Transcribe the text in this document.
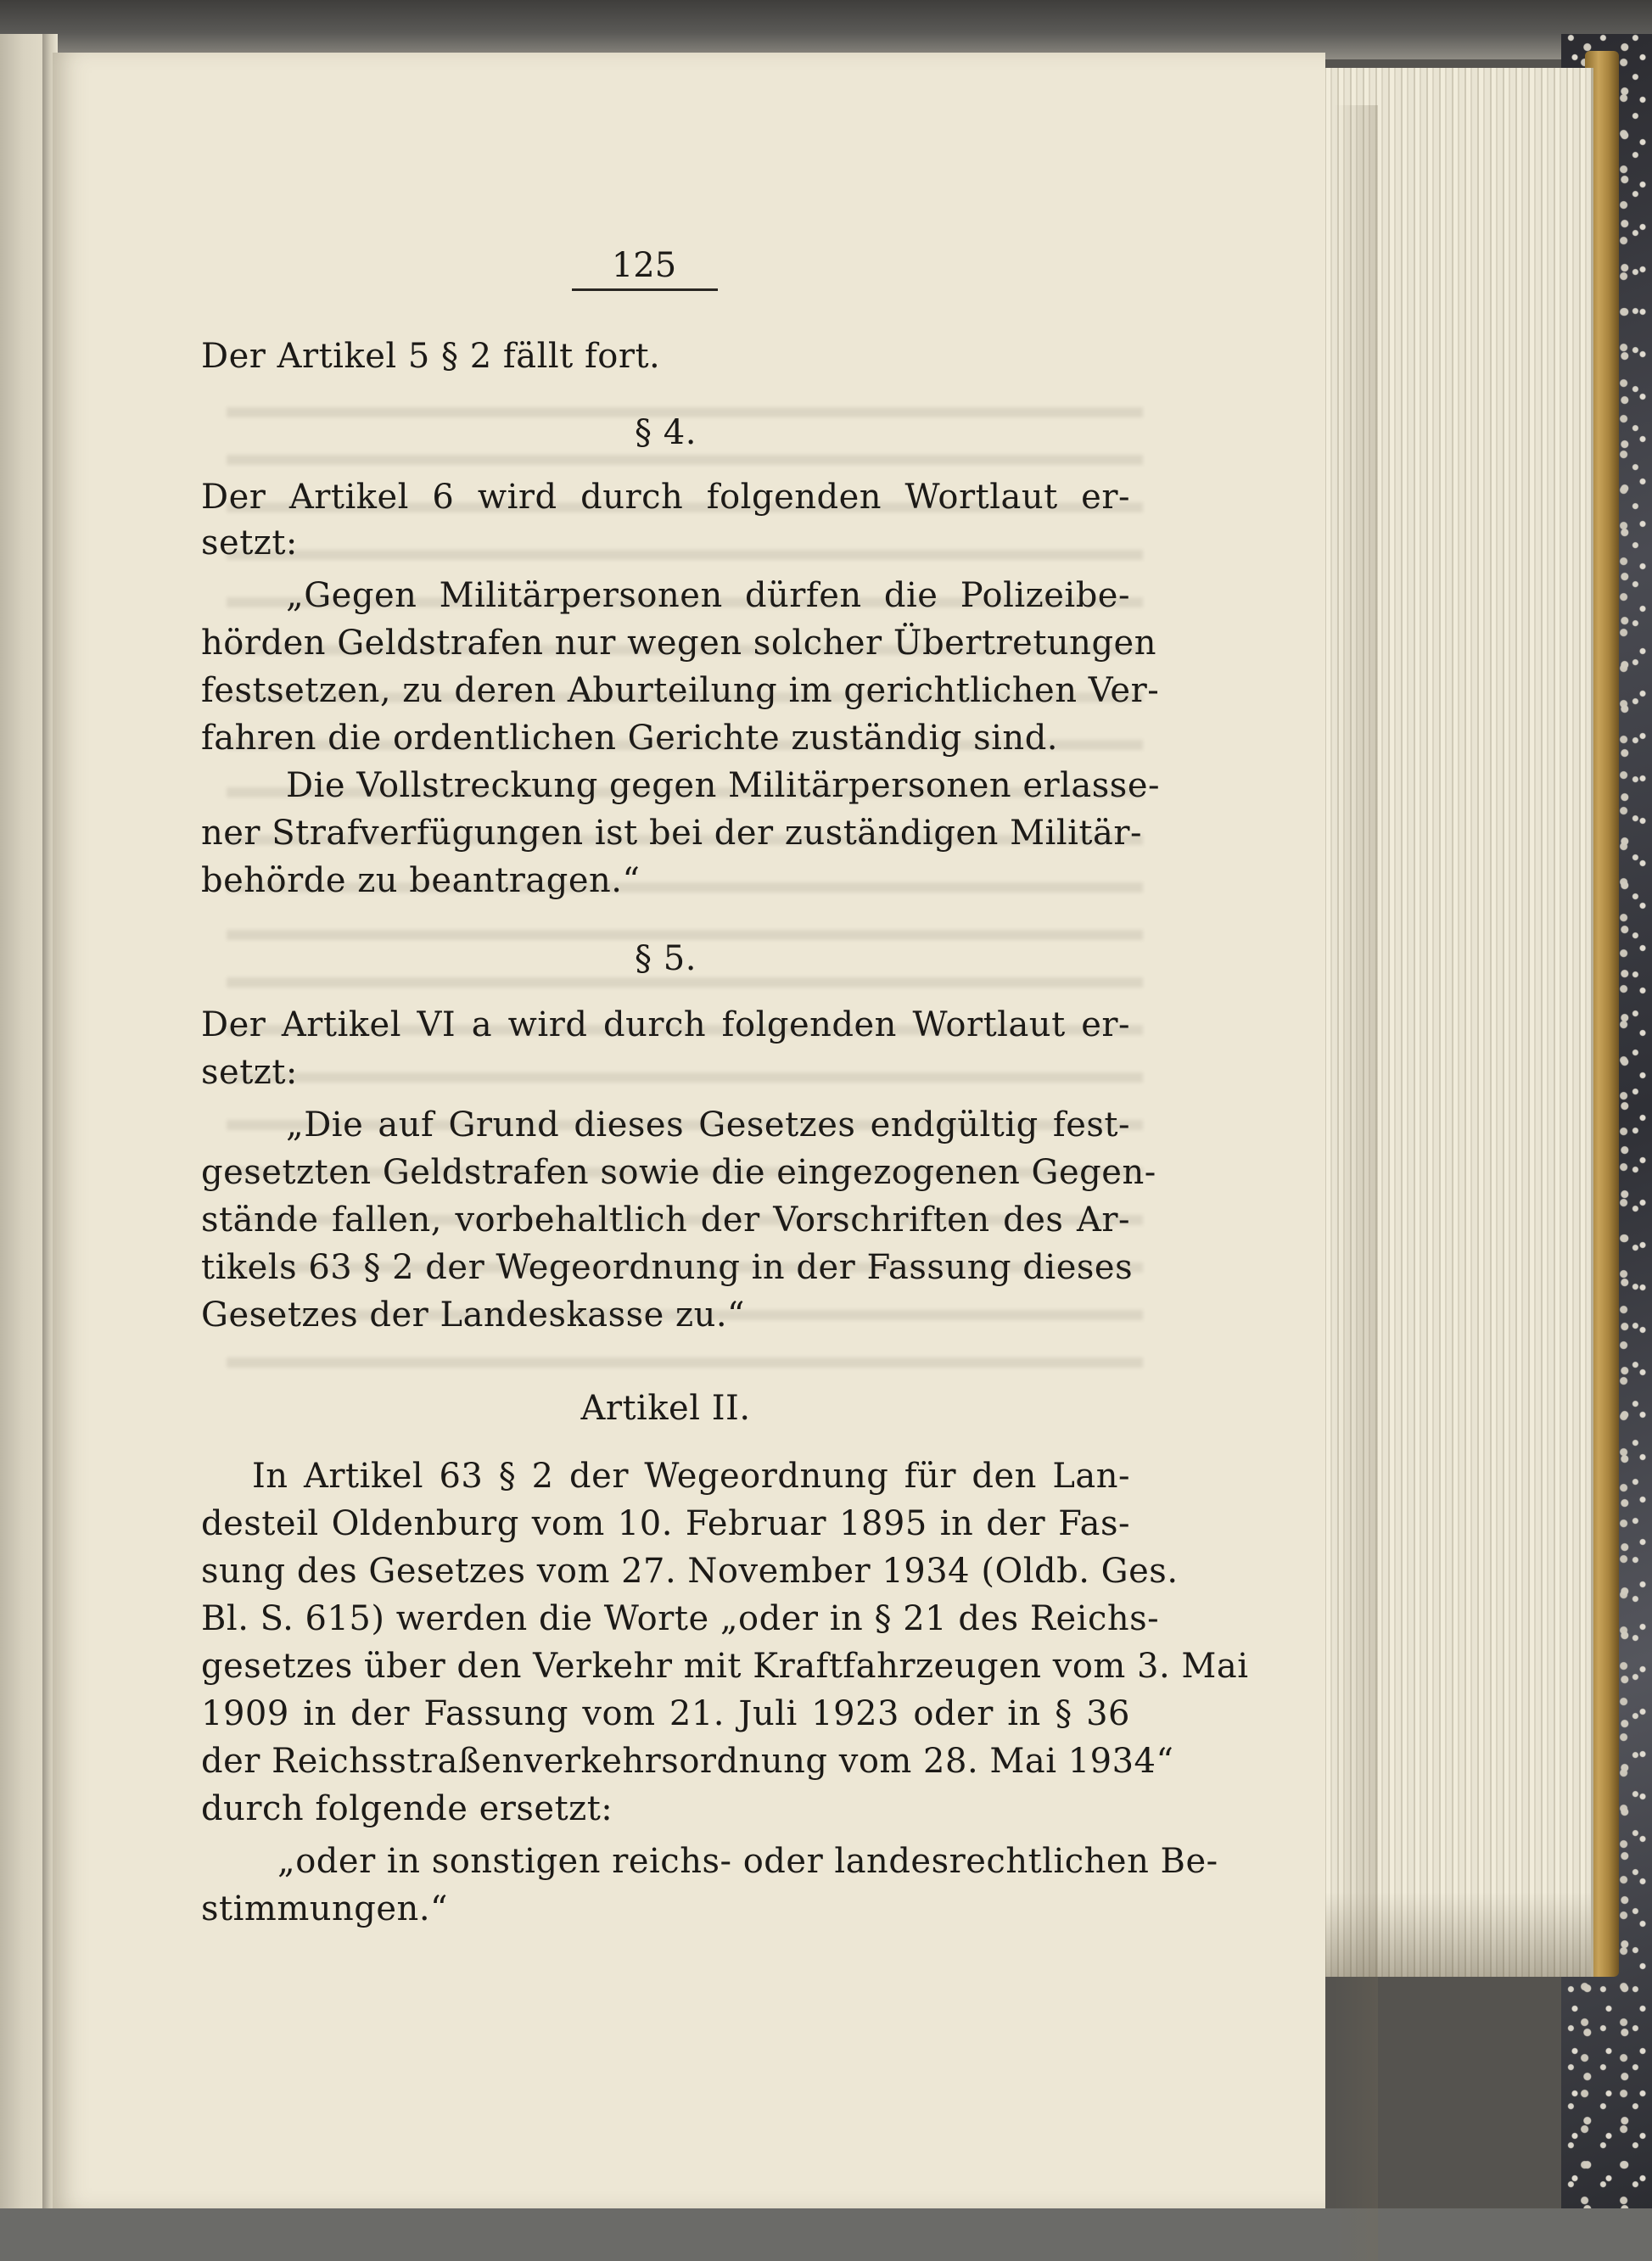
125
Der Artikel 5 § 2 fällt fort.
§ 4.
Der Artikel 6 wird durch folgenden Wortlaut er-
setzt:
„Gegen Militärpersonen dürfen die Polizeibe-
hörden Geldstrafen nur wegen solcher Übertretungen
festsetzen, zu deren Aburteilung im gerichtlichen Ver-
fahren die ordentlichen Gerichte zuständig sind.
Die Vollstreckung gegen Militärpersonen erlasse-
ner Strafverfügungen ist bei der zuständigen Militär-
behörde zu beantragen.“
§ 5.
Der Artikel VI a wird durch folgenden Wortlaut er-
setzt:
„Die auf Grund dieses Gesetzes endgültig fest-
gesetzten Geldstrafen sowie die eingezogenen Gegen-
stände fallen, vorbehaltlich der Vorschriften des Ar-
tikels 63 § 2 der Wegeordnung in der Fassung dieses
Gesetzes der Landeskasse zu.“
Artikel II.
In Artikel 63 § 2 der Wegeordnung für den Lan-
desteil Oldenburg vom 10. Februar 1895 in der Fas-
sung des Gesetzes vom 27. November 1934 (Oldb. Ges.
Bl. S. 615) werden die Worte „oder in § 21 des Reichs-
gesetzes über den Verkehr mit Kraftfahrzeugen vom 3. Mai
1909 in der Fassung vom 21. Juli 1923 oder in § 36
der Reichsstraßenverkehrsordnung vom 28. Mai 1934“
durch folgende ersetzt:
„oder in sonstigen reichs- oder landesrechtlichen Be-
stimmungen.“
